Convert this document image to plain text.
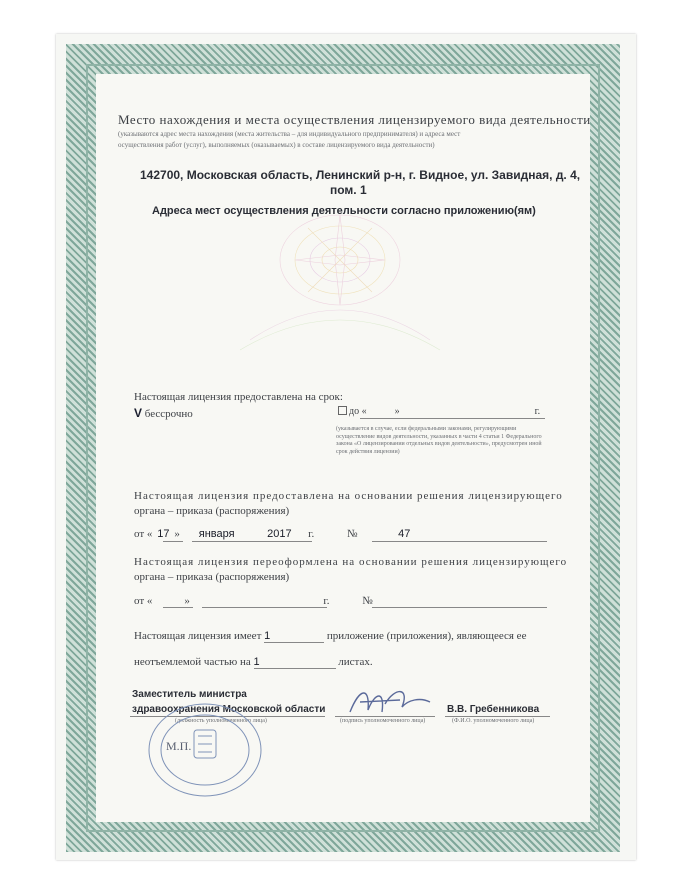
Место нахождения и места осуществления лицензируемого вида деятельности
(указываются адрес места нахождения (места жительства – для индивидуального предпринимателя) и адреса мест
осуществления работ (услуг), выполняемых (оказываемых) в составе лицензируемого вида деятельности)
142700, Московская область, Ленинский р-н, г. Видное, ул. Завидная, д. 4,
пом. 1
Адреса мест осуществления деятельности согласно приложению(ям)
Настоящая лицензия предоставлена на срок:
V бессрочно	до «	»	г.
(указывается в случае, если федеральными законами, регулирующими осуществление видов деятельности, указанных в части 4 статьи 1 Федерального закона «О лицензировании отдельных видов деятельности», предусмотрен иной срок действия лицензии)
Настоящая лицензия предоставлена на основании решения лицензирующего
органа – приказа (распоряжения)
от « 17 » января	2017 г.	№	47
Настоящая лицензия переоформлена на основании решения лицензирующего
органа – приказа (распоряжения)
от «	»	г.	№
Настоящая лицензия имеет 1	приложение (приложения), являющееся ее
неотъемлемой частью на 1	листах.
Заместитель министра
здравоохранения Московской области
(должность уполномоченного лица)	(подпись уполномоченного лица)
В.В. Гребенникова
(Ф.И.О. уполномоченного лица)
М.П.
